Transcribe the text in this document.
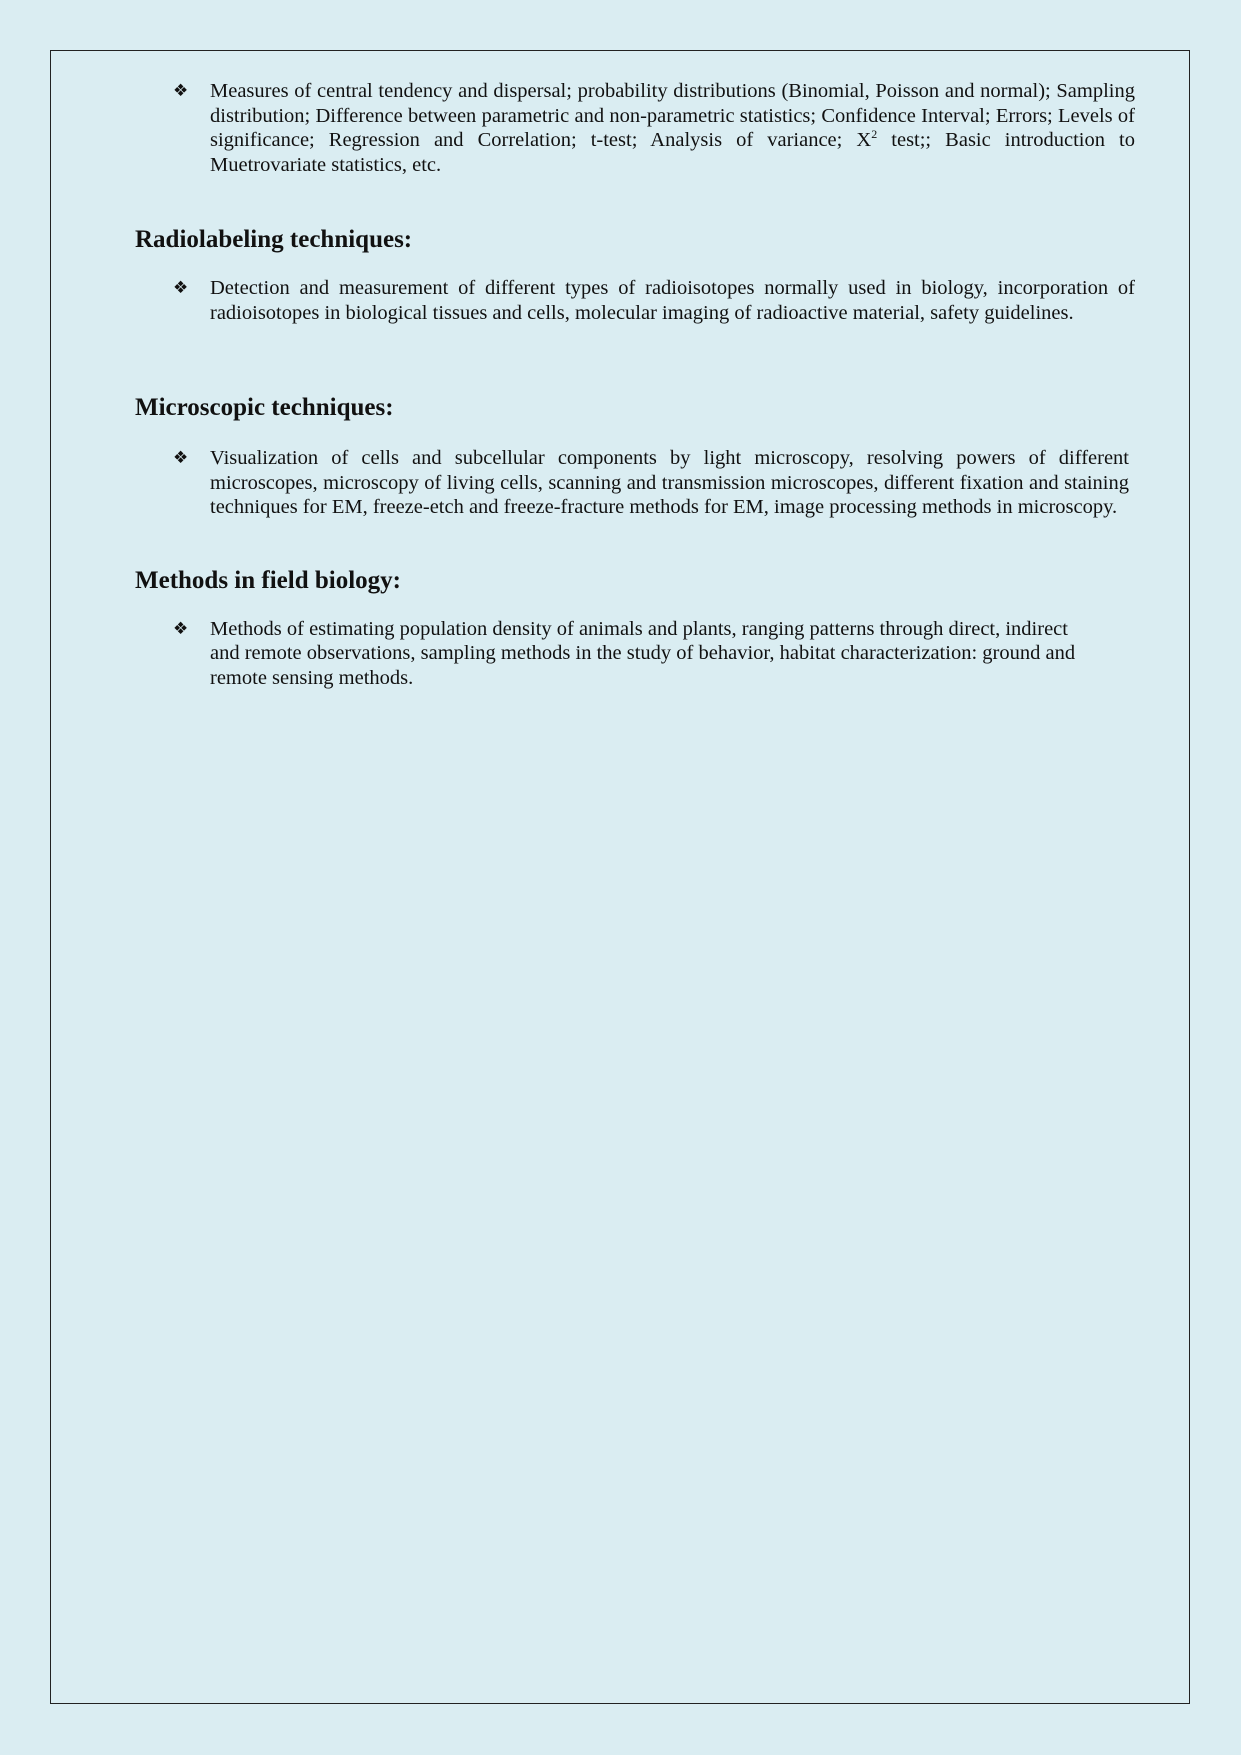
❖ Measures of central tendency and dispersal; probability distributions (Binomial, Poisson and normal); Sampling distribution; Difference between parametric and non-parametric statistics; Confidence Interval; Errors; Levels of significance; Regression and Correlation; t-test; Analysis of variance; $X^2$ test;; Basic introduction to Muetrovariate statistics, etc.
Radiolabeling techniques:
❖ Detection and measurement of different types of radioisotopes normally used in biology, incorporation of radioisotopes in biological tissues and cells, molecular imaging of radioactive material, safety guidelines.
Microscopic techniques:
❖ Visualization of cells and subcellular components by light microscopy, resolving powers of different microscopes, microscopy of living cells, scanning and transmission microscopes, different fixation and staining techniques for EM, freeze-etch and freeze-fracture methods for EM, image processing methods in microscopy.
Methods in field biology:
❖ Methods of estimating population density of animals and plants, ranging patterns through direct, indirect and remote observations, sampling methods in the study of behavior, habitat characterization: ground and remote sensing methods.
